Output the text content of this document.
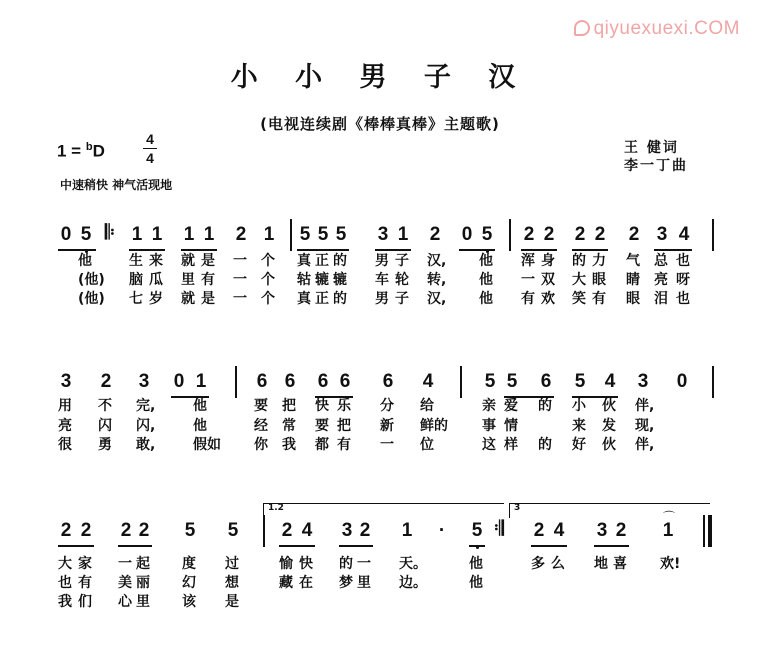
qiyuexuexi.COM
小 小 男 子 汉
(电视连续剧《棒棒真棒》主题歌)
王 健词
李一丁曲
1 = $^b$D
4
4
中速稍快 神气活现地
0 5 𝄆 1 1 1 1 2 1 5 5 5 3 1 2 0 5 2 2 2 2 2 3 4
他	生 来 就 是 一 个 真 正 的 男 子 汉,	他 浑 身 的 力 气 总 也
(他)	脑 瓜 里 有 一 个 轱 辘 辘 车 轮 转,	他 一 双 大 眼 睛 亮 呀
(他)	七 岁 就 是 一 个 真 正 的 男 子 汉,	他 有 欢 笑 有 眼 泪 也
3 2 3 0 1	6 6 6 6 6 4	5 5 6 5 4 3 0
用 不 完,	他	要 把 快 乐 分 给	亲 爱 的 小 伙 伴,
亮 闪 闪,	他	经 常 要 把 新 鲜的 事 情	来 发 现,
很 勇 敢,	假如 你 我 都 有 一 位	这 样 的 好 伙 伴,
1.2	3
⌒
2 2 2 2 5 5 2 4 3 2 1 · 5 𝄇 2 4 3 2 1
大 家 一 起 度 过	愉 快 的 一 天。	他	多 么 地 喜 欢!
也 有 美 丽 幻 想	藏 在 梦 里 边。	他
我 们 心 里 该 是
